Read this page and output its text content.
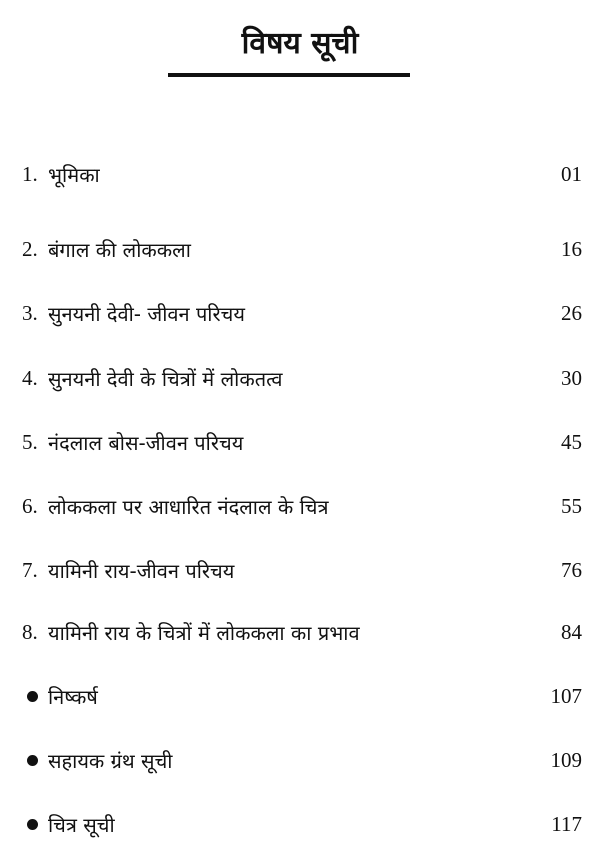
विषय सूची
1. भूमिका	01
2. बंगाल की लोककला	16
3. सुनयनी देवी- जीवन परिचय	26
4. सुनयनी देवी के चित्रों में लोकतत्व	30
5. नंदलाल बोस-जीवन परिचय	45
6. लोककला पर आधारित नंदलाल के चित्र	55
7. यामिनी राय-जीवन परिचय	76
8. यामिनी राय के चित्रों में लोककला का प्रभाव	84
निष्कर्ष	107
सहायक ग्रंथ सूची	109
चित्र सूची	117
